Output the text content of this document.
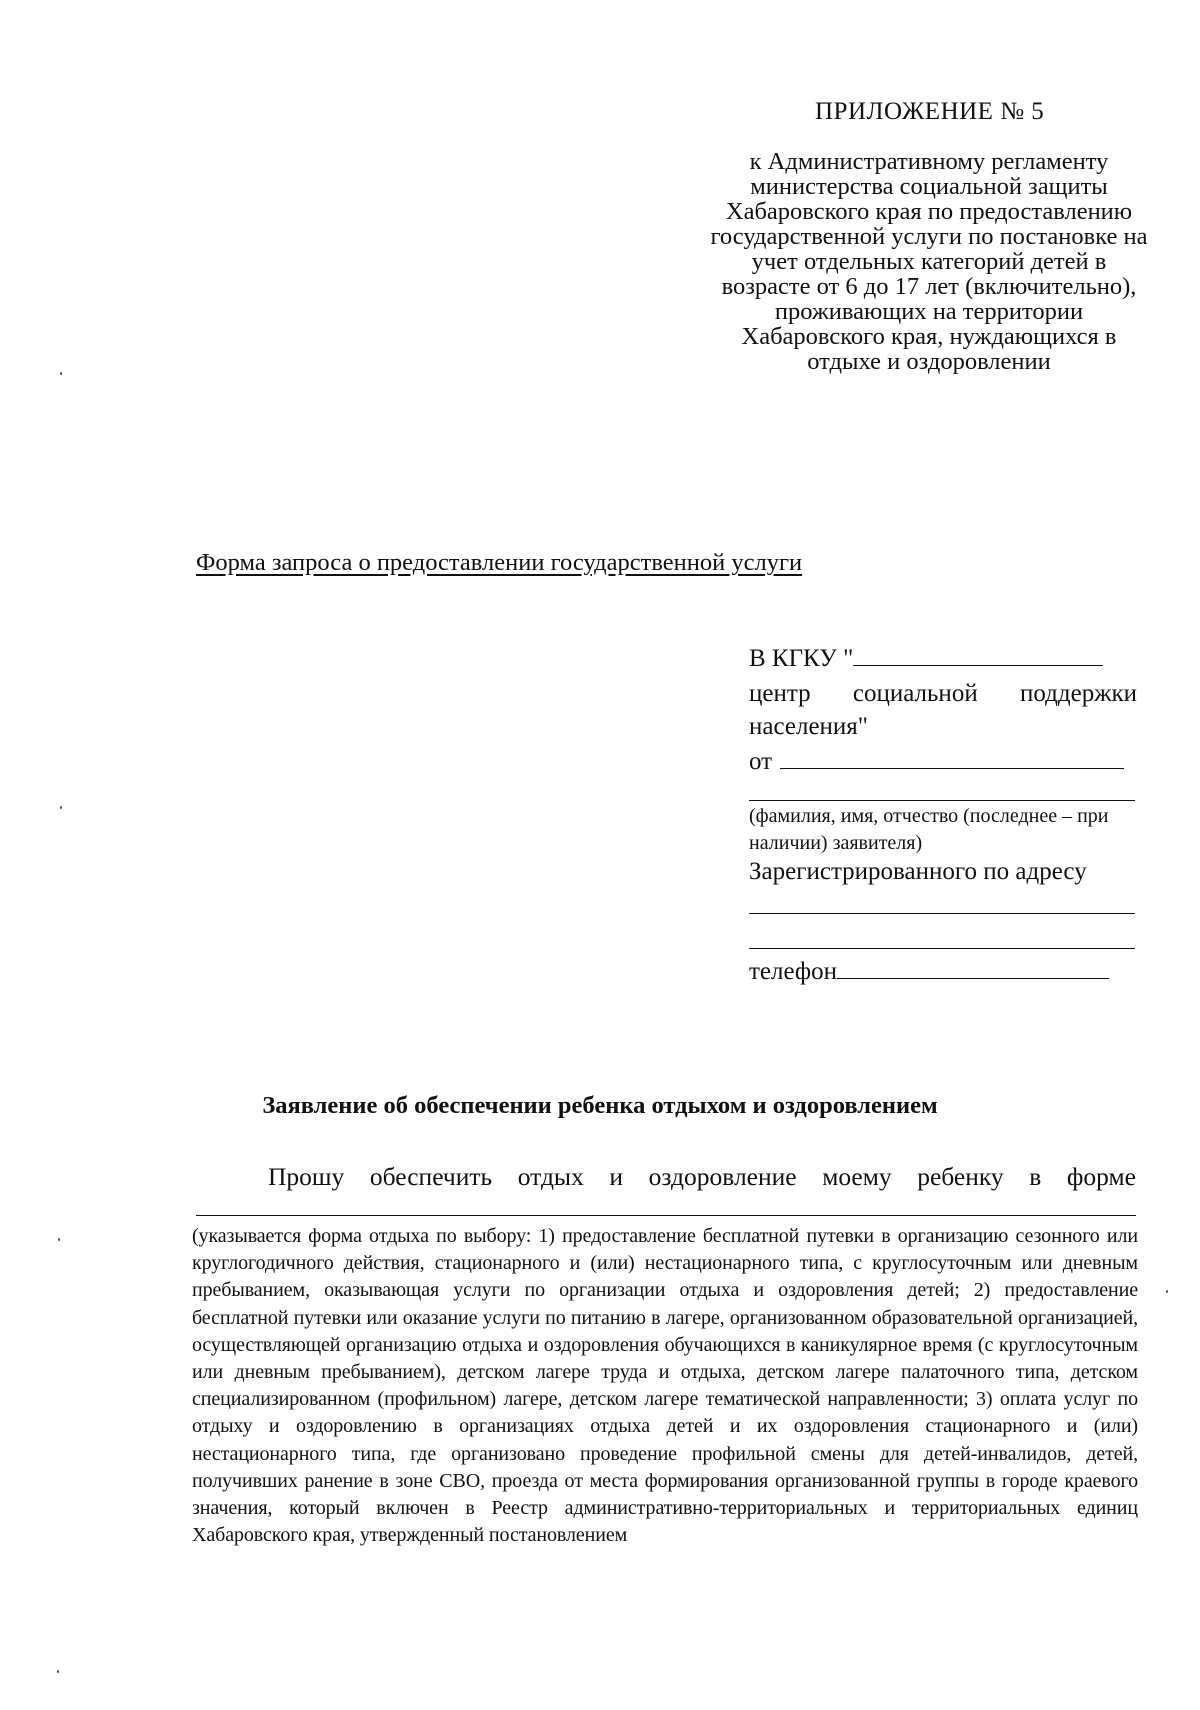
ПРИЛОЖЕНИЕ № 5
к Административному регламенту министерства социальной защиты Хабаровского края по предоставлению государственной услуги по постановке на учет отдельных категорий детей в возрасте от 6 до 17 лет (включительно), проживающих на территории Хабаровского края, нуждающихся в отдыхе и оздоровлении
Форма запроса о предоставлении государственной услуги
В КГКУ "
центр социальной поддержки
населения"
от
(фамилия, имя, отчество (последнее – при наличии) заявителя)
Зарегистрированного по адресу
телефон
Заявление об обеспечении ребенка отдыхом и оздоровлением
Прошу обеспечить отдых и оздоровление моему ребенку в форме
(указывается форма отдыха по выбору: 1) предоставление бесплатной путевки в организацию сезонного или круглогодичного действия, стационарного и (или) нестационарного типа, с круглосуточным или дневным пребыванием, оказывающая услуги по организации отдыха и оздоровления детей; 2) предоставление бесплатной путевки или оказание услуги по питанию в лагере, организованном образовательной организацией, осуществляющей организацию отдыха и оздоровления обучающихся в каникулярное время (с круглосуточным или дневным пребыванием), детском лагере труда и отдыха, детском лагере палаточного типа, детском специализированном (профильном) лагере, детском лагере тематической направленности; 3) оплата услуг по отдыху и оздоровлению в организациях отдыха детей и их оздоровления стационарного и (или) нестационарного типа, где организовано проведение профильной смены для детей-инвалидов, детей, получивших ранение в зоне СВО, проезда от места формирования организованной группы в городе краевого значения, который включен в Реестр административно-территориальных и территориальных единиц Хабаровского края, утвержденный постановлением
